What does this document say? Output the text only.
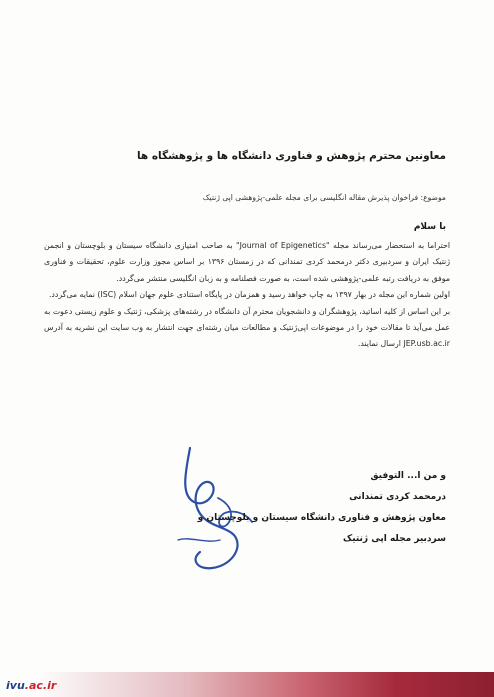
معاونین محترم پژوهش و فناوری دانشگاه ها و پژوهشگاه ها
موضوع: فراخوان پذیرش مقاله انگلیسی برای مجله علمی-پژوهشی اپی ژنتیک
با سلام

احتراما به استحضار می‌رساند مجله "Journal of Epigenetics" به صاحب امتیازی دانشگاه سیستان و بلوچستان و انجمن ژنتیک ایران و سردبیری دکتر درمحمد کردی تمندانی که در زمستان ۱۳۹۶ بر اساس مجوز وزارت علوم، تحقیقات و فناوری موفق به دریافت رتبه علمی-پژوهشی شده است، به صورت فصلنامه و به زبان انگلیسی منتشر می‌گردد.

اولین شماره این مجله در بهار ۱۳۹۷ به چاپ خواهد رسید و همزمان در پایگاه استنادی علوم جهان اسلام (ISC) نمایه می‌گردد.

بر این اساس از کلیه اساتید، پژوهشگران و دانشجویان محترم آن دانشگاه در رشته‌های پزشکی، ژنتیک و علوم زیستی دعوت به عمل می‌آید تا مقالات خود را در موضوعات اپی‌ژنتیک و مطالعات میان رشته‌ای جهت انتشار به وب سایت این نشریه به آدرس JEP.usb.ac.ir ارسال نمایند.

و من ا... التوفیق
درمحمد کردی تمندانی
معاون پژوهش و فناوری دانشگاه سیستان و بلوچستان و
سردبیر مجله اپی ژنتیک
ivu .ac.ir
